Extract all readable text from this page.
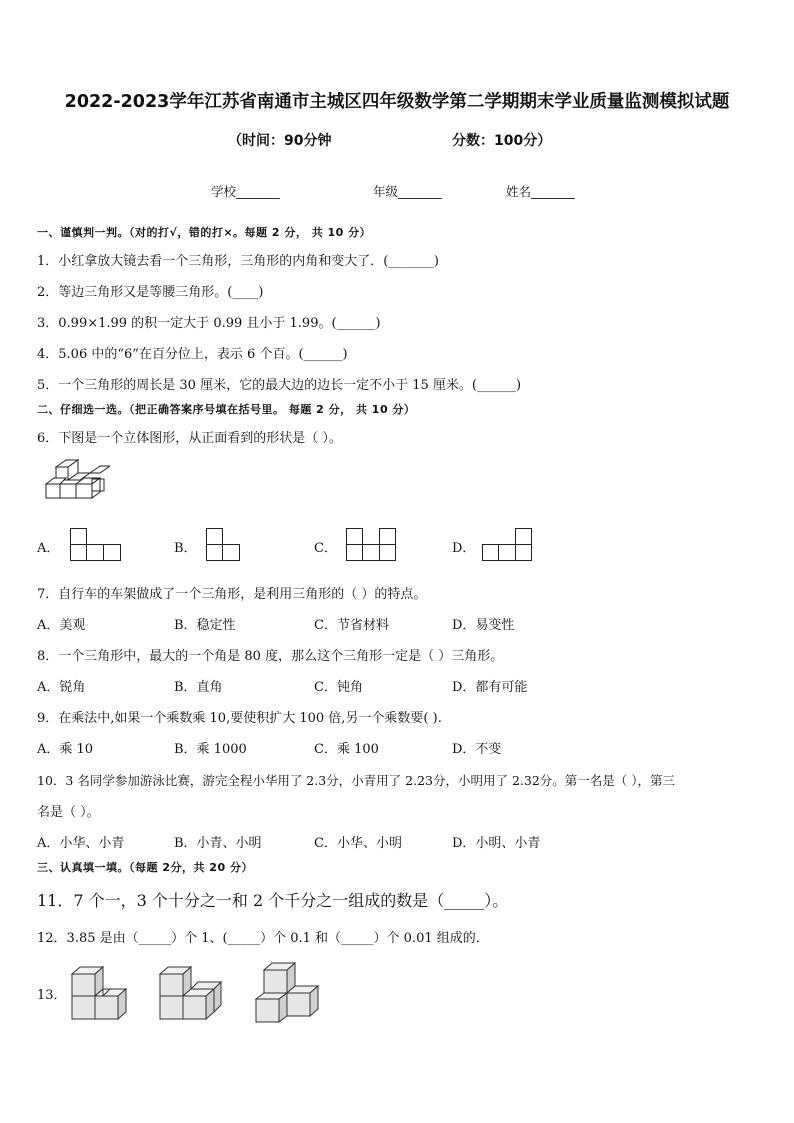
2022-2023学年江苏省南通市主城区四年级数学第二学期期末学业质量监测模拟试题
（时间：90分钟	分数：100分）
学校_______	年级_______	姓名_______
一、谨慎判一判。（对的打√，错的打×。每题 2 分， 共 10 分）
1．小红拿放大镜去看一个三角形，三角形的内角和变大了．(_______)
2．等边三角形又是等腰三角形。(____)
3．0.99×1.99 的积一定大于 0.99 且小于 1.99。(______)
4．5.06 中的“6”在百分位上，表示 6 个百。(______)
5．一个三角形的周长是 30 厘米，它的最大边的边长一定不小于 15 厘米。(______)
二、仔细选一选。（把正确答案序号填在括号里。 每题 2 分， 共 10 分）
6．下图是一个立体图形，从正面看到的形状是（ ）。
A．	B．	C．	D．
7．自行车的车架做成了一个三角形，是利用三角形的（ ）的特点。
A．美观	B．稳定性	C．节省材料	D．易变性
8．一个三角形中，最大的一个角是 80 度，那么这个三角形一定是（ ）三角形。
A．锐角	B．直角	C．钝角	D．都有可能
9．在乘法中,如果一个乘数乘 10,要使积扩大 100 倍,另一个乘数要( ).
A．乘 10	B．乘 1000	C．乘 100	D．不变
10．3 名同学参加游泳比赛，游完全程小华用了 2.3分，小青用了 2.23分，小明用了 2.32分。第一名是（ ），第三
名是（ ）。
A．小华、小青	B．小青、小明	C．小华、小明	D．小明、小青
三、认真填一填。（每题 2分，共 20 分）
11．7 个一，3 个十分之一和 2 个千分之一组成的数是（_____）。
12．3.85 是由（_____）个 1、(_____）个 0.1 和（_____）个 0.01 组成的．
13．
